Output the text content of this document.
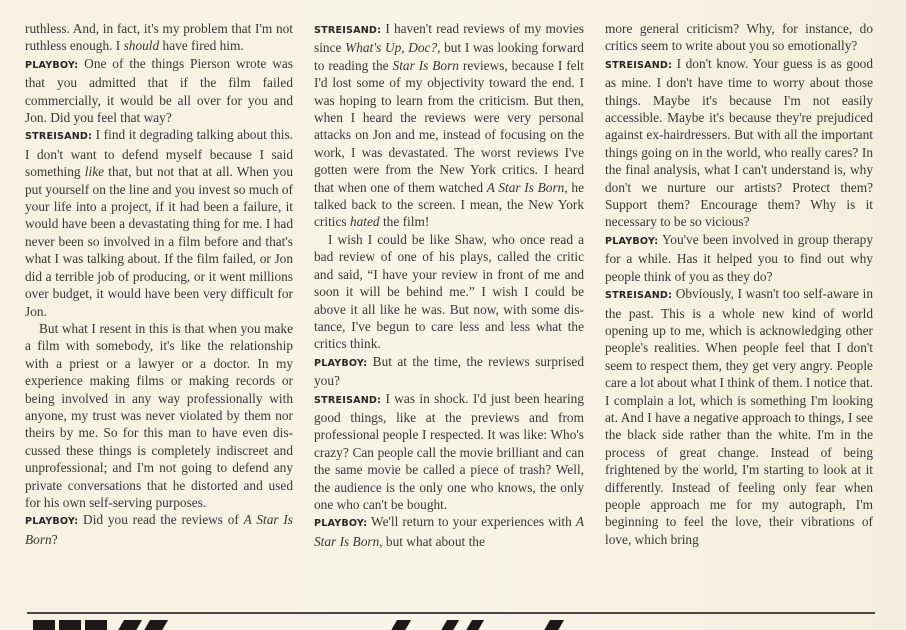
ruthless. And, in fact, it's my problem that I'm not ruthless enough. I should have fired him.

PLAYBOY: One of the things Pierson wrote was that you admitted that if the film failed commercially, it would be all over for you and Jon. Did you feel that way?

STREISAND: I find it degrading talking about this. I don't want to defend myself because I said something like that, but not that at all. When you put yourself on the line and you invest so much of your life into a project, if it had been a failure, it would have been a devastating thing for me. I had never been so involved in a film before and that's what I was talking about. If the film failed, or Jon did a terrible job of producing, or it went millions over budget, it would have been very difficult for Jon.

But what I resent in this is that when you make a film with somebody, it's like the relationship with a priest or a lawyer or a doctor. In my experience making films or making records or being involved in any way professionally with anyone, my trust was never violated by them nor theirs by me. So for this man to have even discussed these things is completely indiscreet and unprofessional; and I'm not going to defend any private conversations that he distorted and used for his own self-serving purposes.

PLAYBOY: Did you read the reviews of A Star Is Born?

STREISAND: I haven't read reviews of my movies since What's Up, Doc?, but I was looking forward to reading the Star Is Born reviews, because I felt I'd lost some of my objectivity toward the end. I was hoping to learn from the criticism. But then, when I heard the reviews were very personal attacks on Jon and me, instead of focusing on the work, I was devastated. The worst reviews I've gotten were from the New York critics. I heard that when one of them watched A Star Is Born, he talked back to the screen. I mean, the New York critics hated the film!

I wish I could be like Shaw, who once read a bad review of one of his plays, called the critic and said, “I have your review in front of me and soon it will be behind me.” I wish I could be above it all like he was. But now, with some distance, I've begun to care less and less what the critics think.

PLAYBOY: But at the time, the reviews surprised you?

STREISAND: I was in shock. I'd just been hearing good things, like at the previews and from professional people I respected. It was like: Who's crazy? Can people call the movie brilliant and can the same movie be called a piece of trash? Well, the audience is the only one who knows, the only one who can't be bought.

PLAYBOY: We'll return to your experiences with A Star Is Born, but what about the

more general criticism? Why, for instance, do critics seem to write about you so emotionally?

STREISAND: I don't know. Your guess is as good as mine. I don't have time to worry about those things. Maybe it's because I'm not easily accessible. Maybe it's because they're prejudiced against ex-hairdressers. But with all the important things going on in the world, who really cares? In the final analysis, what I can't understand is, why don't we nurture our artists? Protect them? Support them? Encourage them? Why is it necessary to be so vicious?

PLAYBOY: You've been involved in group therapy for a while. Has it helped you to find out why people think of you as they do?

STREISAND: Obviously, I wasn't too self-aware in the past. This is a whole new kind of world opening up to me, which is acknowledging other people's realities. When people feel that I don't seem to respect them, they get very angry. People care a lot about what I think of them. I notice that. I complain a lot, which is something I'm looking at. And I have a negative approach to things, I see the black side rather than the white. I'm in the process of great change. Instead of being frightened by the world, I'm starting to look at it differently. Instead of feeling only fear when people approach me for my autograph, I'm beginning to feel the love, their vibrations of love, which bring
